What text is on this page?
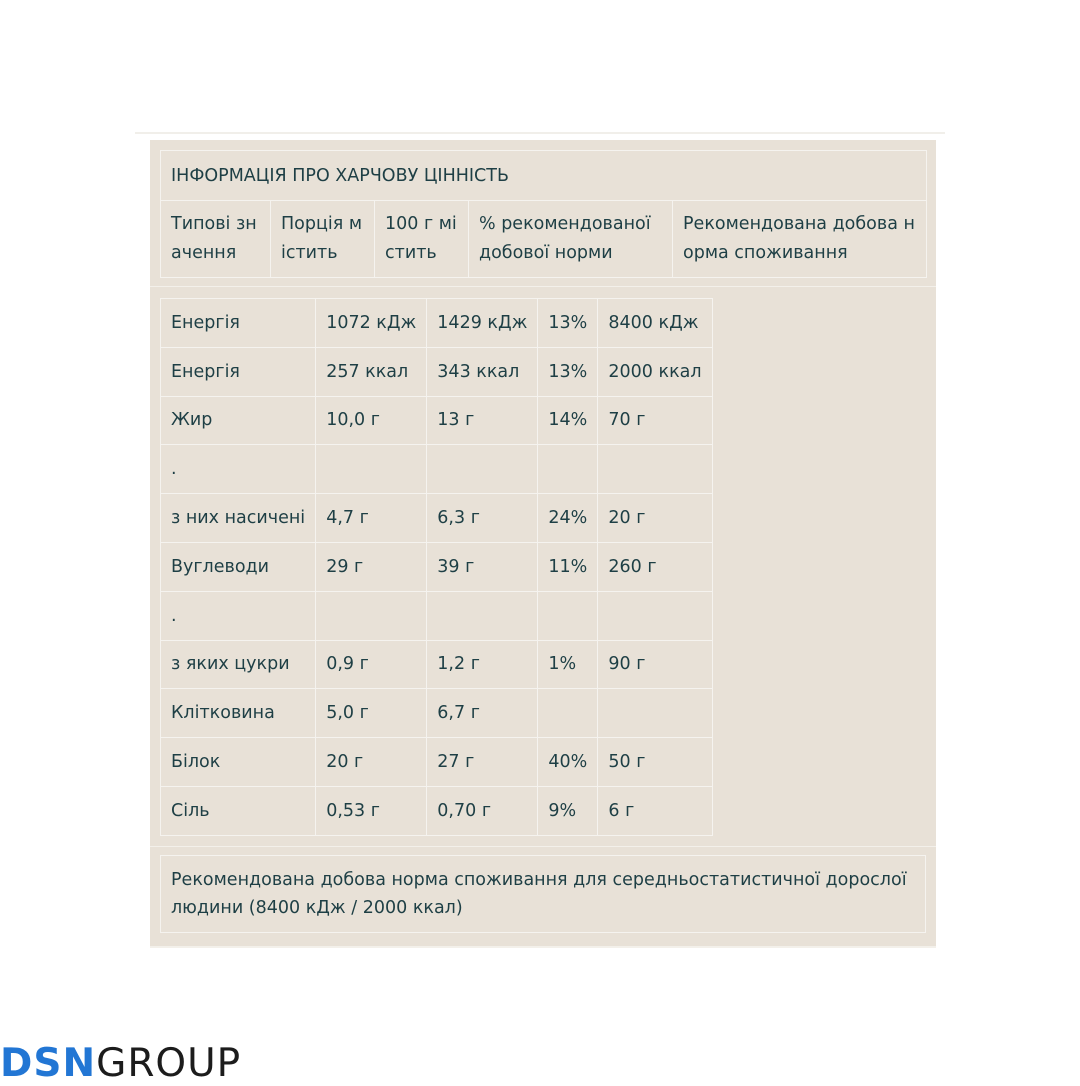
ІНФОРМАЦІЯ ПРО ХАРЧОВУ ЦІННІСТЬ
Типові значення	Порція містить	100 г містить	% рекомендованої добової норми	Рекомендована добова норма споживання
Енергія	1072 кДж	1429 кДж	13%	8400 кДж
Енергія	257 ккал	343 ккал	13%	2000 ккал
Жир	10,0 г	13 г	14%	70 г
.				
з них насичені	4,7 г	6,3 г	24%	20 г
Вуглеводи	29 г	39 г	11%	260 г
.				
з яких цукри	0,9 г	1,2 г	1%	90 г
Клітковина	5,0 г	6,7 г		
Білок	20 г	27 г	40%	50 г
Сіль	0,53 г	0,70 г	9%	6 г
Рекомендована добова норма споживання для середньостатистичної дорослої людини (8400 кДж / 2000 ккал)
DSNGROUP
